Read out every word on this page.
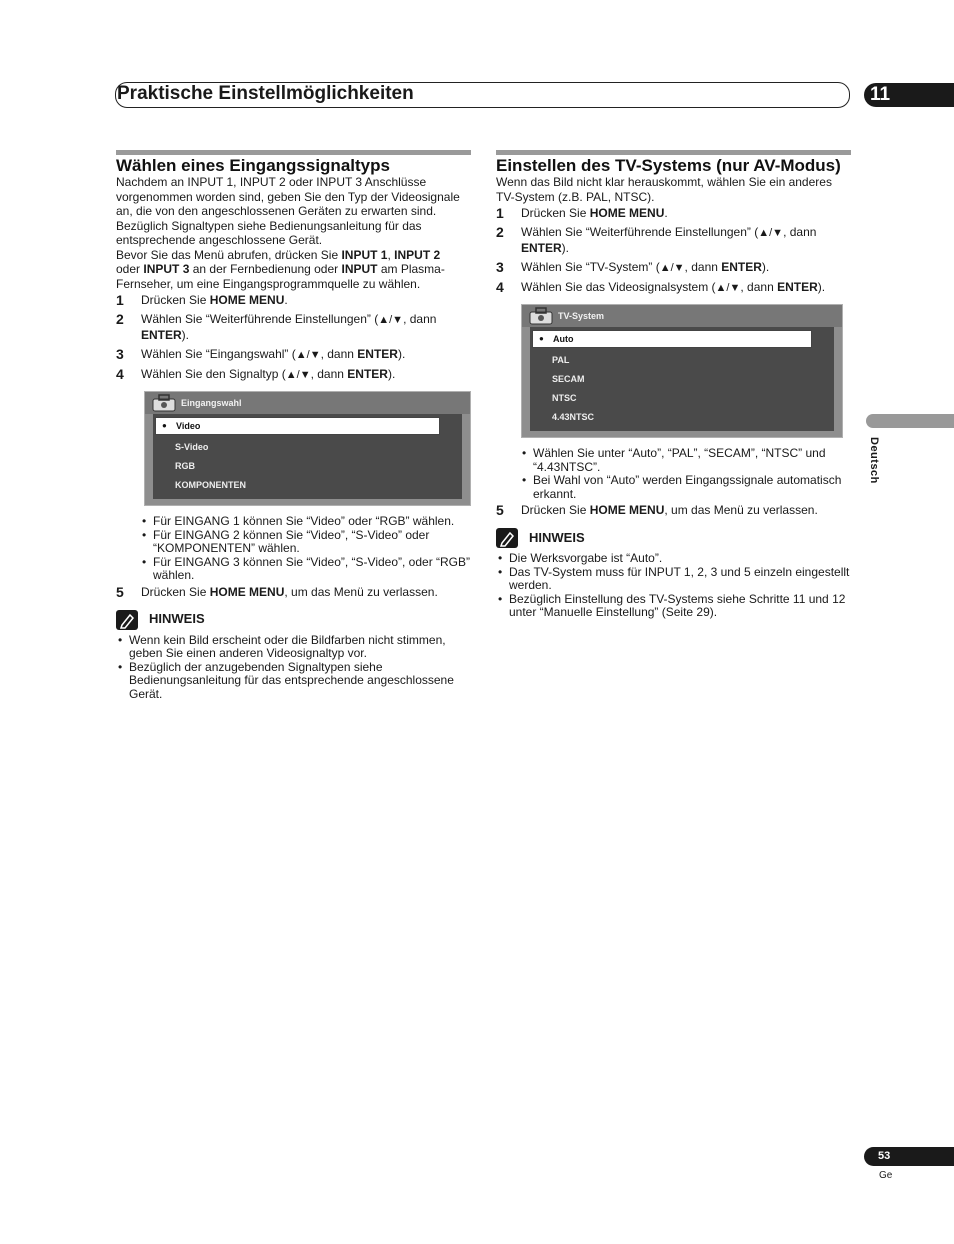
Praktische Einstellmöglichkeiten	11
Wählen eines Eingangssignaltyps

Nachdem an INPUT 1, INPUT 2 oder INPUT 3 Anschlüsse vorgenommen worden sind, geben Sie den Typ der Videosignale an, die von den angeschlossenen Geräten zu erwarten sind. Bezüglich Signaltypen siehe Bedienungsanleitung für das entsprechende angeschlossene Gerät.

Bevor Sie das Menü abrufen, drücken Sie INPUT 1, INPUT 2
oder INPUT 3 an der Fernbedienung oder INPUT am Plasma-Fernseher, um eine Eingangsprogrammquelle zu wählen.

1	Drücken Sie HOME MENU.
2	Wählen Sie “Weiterführende Einstellungen” (▲/▼, dann ENTER).
3	Wählen Sie “Eingangswahl” (▲/▼, dann ENTER).
4	Wählen Sie den Signaltyp (▲/▼, dann ENTER).
Eingangswahl
● Video
S-Video
RGB
KOMPONENTEN
• Für EINGANG 1 können Sie “Video” oder “RGB” wählen.
• Für EINGANG 2 können Sie “Video”, “S-Video” oder “KOMPONENTEN” wählen.
• Für EINGANG 3 können Sie “Video”, “S-Video”, oder “RGB” wählen.
5	Drücken Sie HOME MENU, um das Menü zu verlassen.
HINWEIS
• Wenn kein Bild erscheint oder die Bildfarben nicht stimmen, geben Sie einen anderen Videosignaltyp vor.
• Bezüglich der anzugebenden Signaltypen siehe Bedienungsanleitung für das entsprechende angeschlossene Gerät.
Einstellen des TV-Systems (nur AV-Modus)

Wenn das Bild nicht klar herauskommt, wählen Sie ein anderes TV-System (z.B. PAL, NTSC).

1	Drücken Sie HOME MENU.
2	Wählen Sie “Weiterführende Einstellungen” (▲/▼, dann ENTER).
3	Wählen Sie “TV-System” (▲/▼, dann ENTER).
4	Wählen Sie das Videosignalsystem (▲/▼, dann ENTER).
TV-System
● Auto
PAL
SECAM
NTSC
4.43NTSC
• Wählen Sie unter “Auto”, “PAL”, “SECAM”, “NTSC” und “4.43NTSC”.
• Bei Wahl von “Auto” werden Eingangssignale automatisch erkannt.
5	Drücken Sie HOME MENU, um das Menü zu verlassen.
HINWEIS
• Die Werksvorgabe ist “Auto”.
• Das TV-System muss für INPUT 1, 2, 3 und 5 einzeln eingestellt werden.
• Bezüglich Einstellung des TV-Systems siehe Schritte 11 und 12 unter “Manuelle Einstellung” (Seite 29).
Deutsch
53
Ge
